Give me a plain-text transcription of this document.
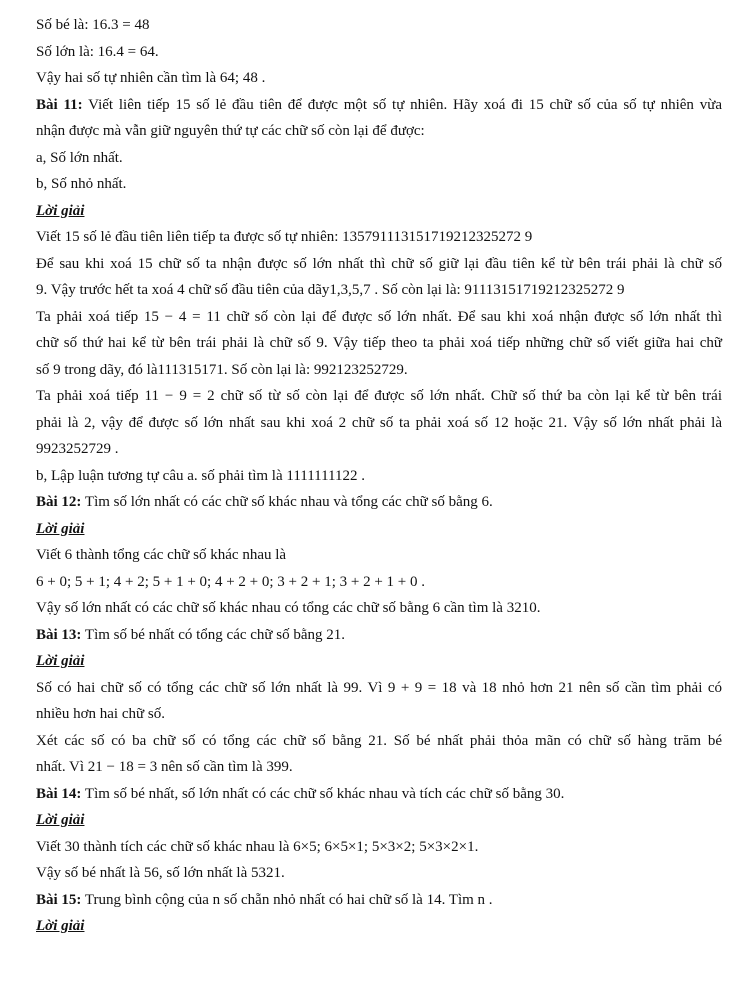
Số bé là: 16.3 = 48
Số lớn là: 16.4 = 64.
Vậy hai số tự nhiên cần tìm là 64; 48 .
Bài 11: Viết liên tiếp 15 số lẻ đầu tiên để được một số tự nhiên. Hãy xoá đi 15 chữ số của số tự nhiên vừa
nhận được mà vẫn giữ nguyên thứ tự các chữ số còn lại để được:
a, Số lớn nhất.
b, Số nhỏ nhất.
Lời giải
Viết 15 số lẻ đầu tiên liên tiếp ta được số tự nhiên: 135791113151719212325272 9
Để sau khi xoá 15 chữ số ta nhận được số lớn nhất thì chữ số giữ lại đầu tiên kể từ bên trái phải là chữ số
9. Vậy trước hết ta xoá 4 chữ số đầu tiên của dãy1,3,5,7 . Số còn lại là: 91113151719212325272 9
Ta phải xoá tiếp 15 − 4 = 11 chữ số còn lại để được số lớn nhất. Để sau khi xoá nhận được số lớn nhất thì
chữ số thứ hai kể từ bên trái phải là chữ số 9. Vậy tiếp theo ta phải xoá tiếp những chữ số viết giữa hai chữ
số 9 trong dãy, đó là111315171. Số còn lại là: 992123252729.
Ta phải xoá tiếp 11 − 9 = 2 chữ số từ số còn lại để được số lớn nhất. Chữ số thứ ba còn lại kể từ bên trái
phải là 2, vậy để được số lớn nhất sau khi xoá 2 chữ số ta phải xoá số 12 hoặc 21. Vậy số lớn nhất phải là
9923252729 .
b, Lập luận tương tự câu a. số phải tìm là 1111111122 .
Bài 12: Tìm số lớn nhất có các chữ số khác nhau và tổng các chữ số bằng 6.
Lời giải
Viết 6 thành tổng các chữ số khác nhau là
6 + 0; 5 + 1; 4 + 2; 5 + 1 + 0; 4 + 2 + 0; 3 + 2 + 1; 3 + 2 + 1 + 0 .
Vậy số lớn nhất có các chữ số khác nhau có tổng các chữ số bằng 6 cần tìm là 3210.
Bài 13: Tìm số bé nhất có tổng các chữ số bằng 21.
Lời giải
Số có hai chữ số có tổng các chữ số lớn nhất là 99. Vì 9 + 9 = 18 và 18 nhỏ hơn 21 nên số cần tìm phải có
nhiều hơn hai chữ số.
Xét các số có ba chữ số có tổng các chữ số bằng 21. Số bé nhất phải thỏa mãn có chữ số hàng trăm bé
nhất. Vì 21 − 18 = 3 nên số cần tìm là 399.
Bài 14: Tìm số bé nhất, số lớn nhất có các chữ số khác nhau và tích các chữ số bằng 30.
Lời giải
Viết 30 thành tích các chữ số khác nhau là 6×5; 6×5×1; 5×3×2; 5×3×2×1.
Vậy số bé nhất là 56, số lớn nhất là 5321.
Bài 15: Trung bình cộng của n số chẵn nhỏ nhất có hai chữ số là 14. Tìm n .
Lời giải
